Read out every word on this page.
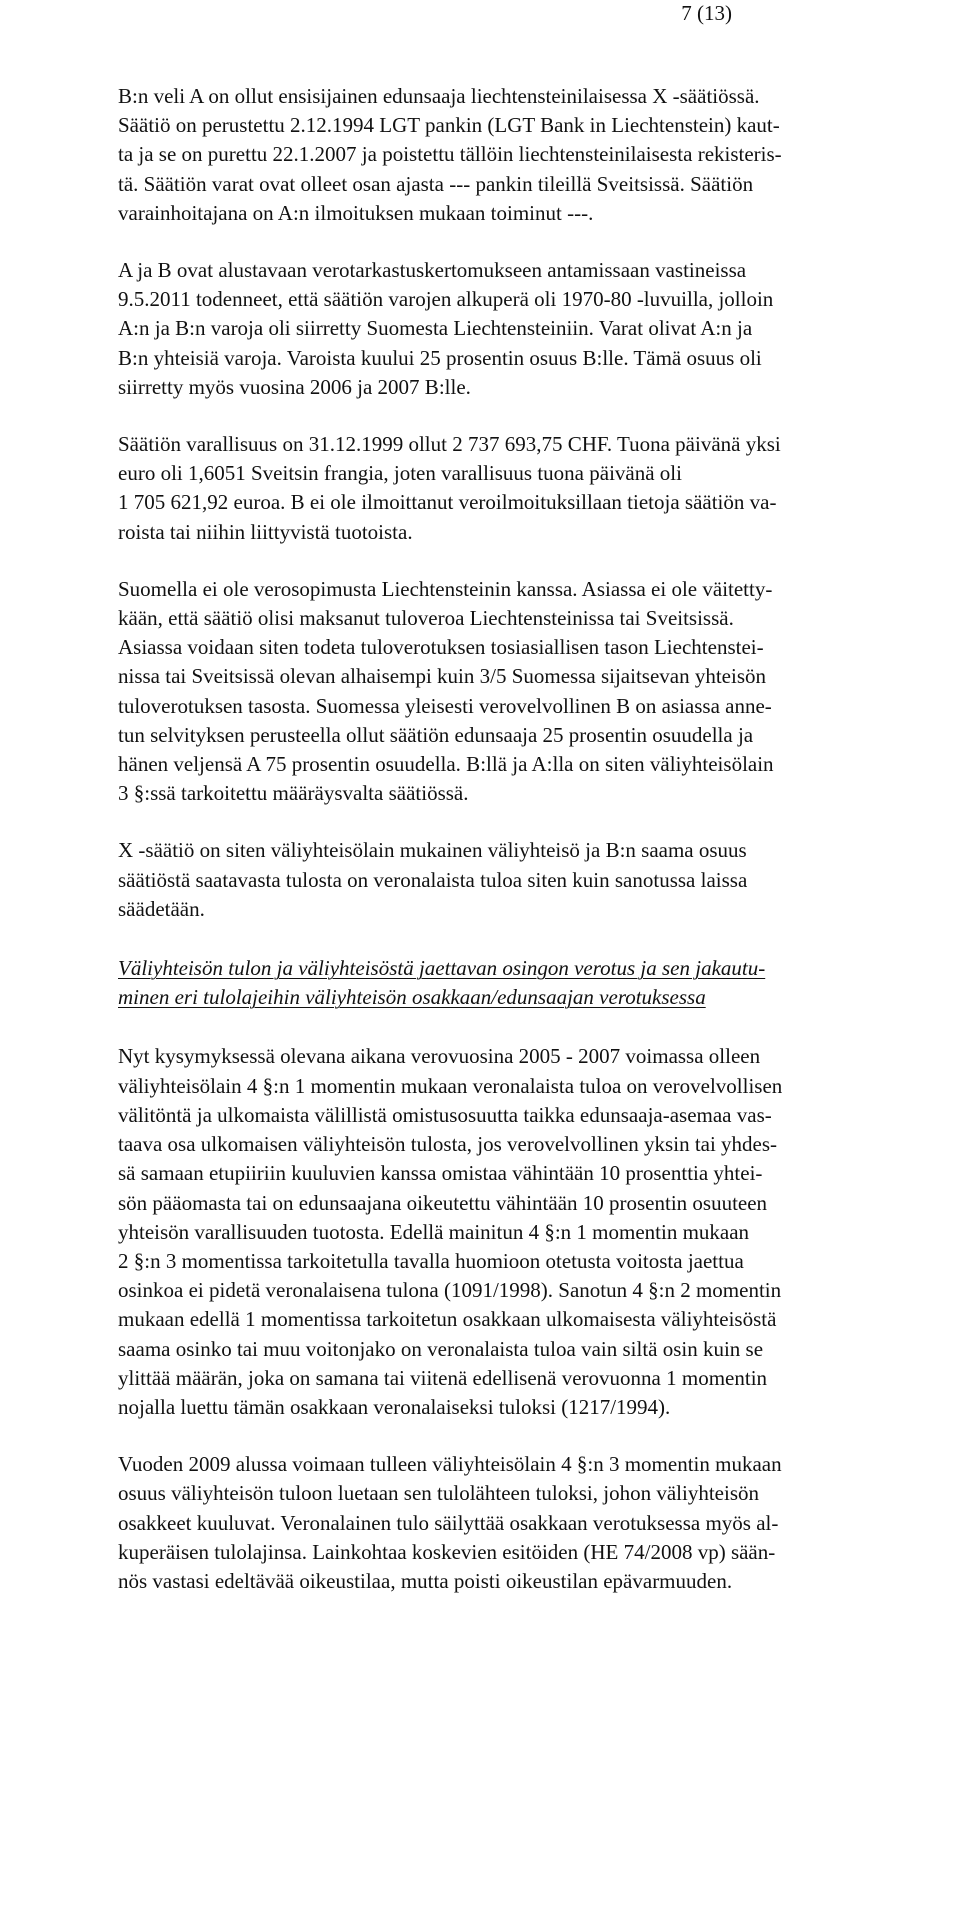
7 (13)

B:n veli A on ollut ensisijainen edunsaaja liechtensteinilaisessa X -säätiössä.
Säätiö on perustettu 2.12.1994 LGT pankin (LGT Bank in Liechtenstein) kaut-
ta ja se on purettu 22.1.2007 ja poistettu tällöin liechtensteinilaisesta rekisteris-
tä. Säätiön varat ovat olleet osan ajasta --- pankin tileillä Sveitsissä. Säätiön
varainhoitajana on A:n ilmoituksen mukaan toiminut ---.

A ja B ovat alustavaan verotarkastuskertomukseen antamissaan vastineissa
9.5.2011 todenneet, että säätiön varojen alkuperä oli 1970-80 -luvuilla, jolloin
A:n ja B:n varoja oli siirretty Suomesta Liechtensteiniin. Varat olivat A:n ja
B:n yhteisiä varoja. Varoista kuului 25 prosentin osuus B:lle. Tämä osuus oli
siirretty myös vuosina 2006 ja 2007 B:lle.

Säätiön varallisuus on 31.12.1999 ollut 2 737 693,75 CHF. Tuona päivänä yksi
euro oli 1,6051 Sveitsin frangia, joten varallisuus tuona päivänä oli
1 705 621,92 euroa. B ei ole ilmoittanut veroilmoituksillaan tietoja säätiön va-
roista tai niihin liittyvistä tuotoista.

Suomella ei ole verosopimusta Liechtensteinin kanssa. Asiassa ei ole väitetty-
kään, että säätiö olisi maksanut tuloveroa Liechtensteinissa tai Sveitsissä.
Asiassa voidaan siten todeta tuloverotuksen tosiasiallisen tason Liechtenstei-
nissa tai Sveitsissä olevan alhaisempi kuin 3/5 Suomessa sijaitsevan yhteisön
tuloverotuksen tasosta. Suomessa yleisesti verovelvollinen B on asiassa anne-
tun selvityksen perusteella ollut säätiön edunsaaja 25 prosentin osuudella ja
hänen veljensä A 75 prosentin osuudella. B:llä ja A:lla on siten väliyhteisölain
3 §:ssä tarkoitettu määräysvalta säätiössä.

X -säätiö on siten väliyhteisölain mukainen väliyhteisö ja B:n saama osuus
säätiöstä saatavasta tulosta on veronalaista tuloa siten kuin sanotussa laissa
säädetään.

Väliyhteisön tulon ja väliyhteisöstä jaettavan osingon verotus ja sen jakautu-
minen eri tulolajeihin väliyhteisön osakkaan/edunsaajan verotuksessa

Nyt kysymyksessä olevana aikana verovuosina 2005 - 2007 voimassa olleen
väliyhteisölain 4 §:n 1 momentin mukaan veronalaista tuloa on verovelvollisen
välitöntä ja ulkomaista välillistä omistusosuutta taikka edunsaaja-asemaa vas-
taava osa ulkomaisen väliyhteisön tulosta, jos verovelvollinen yksin tai yhdes-
sä samaan etupiiriin kuuluvien kanssa omistaa vähintään 10 prosenttia yhtei-
sön pääomasta tai on edunsaajana oikeutettu vähintään 10 prosentin osuuteen
yhteisön varallisuuden tuotosta. Edellä mainitun 4 §:n 1 momentin mukaan
2 §:n 3 momentissa tarkoitetulla tavalla huomioon otetusta voitosta jaettua
osinkoa ei pidetä veronalaisena tulona (1091/1998). Sanotun 4 §:n 2 momentin
mukaan edellä 1 momentissa tarkoitetun osakkaan ulkomaisesta väliyhteisöstä
saama osinko tai muu voitonjako on veronalaista tuloa vain siltä osin kuin se
ylittää määrän, joka on samana tai viitenä edellisenä verovuonna 1 momentin
nojalla luettu tämän osakkaan veronalaiseksi tuloksi (1217/1994).

Vuoden 2009 alussa voimaan tulleen väliyhteisölain 4 §:n 3 momentin mukaan
osuus väliyhteisön tuloon luetaan sen tulolähteen tuloksi, johon väliyhteisön
osakkeet kuuluvat. Veronalainen tulo säilyttää osakkaan verotuksessa myös al-
kuperäisen tulolajinsa. Lainkohtaa koskevien esitöiden (HE 74/2008 vp) sään-
nös vastasi edeltävää oikeustilaa, mutta poisti oikeustilan epävarmuuden.
